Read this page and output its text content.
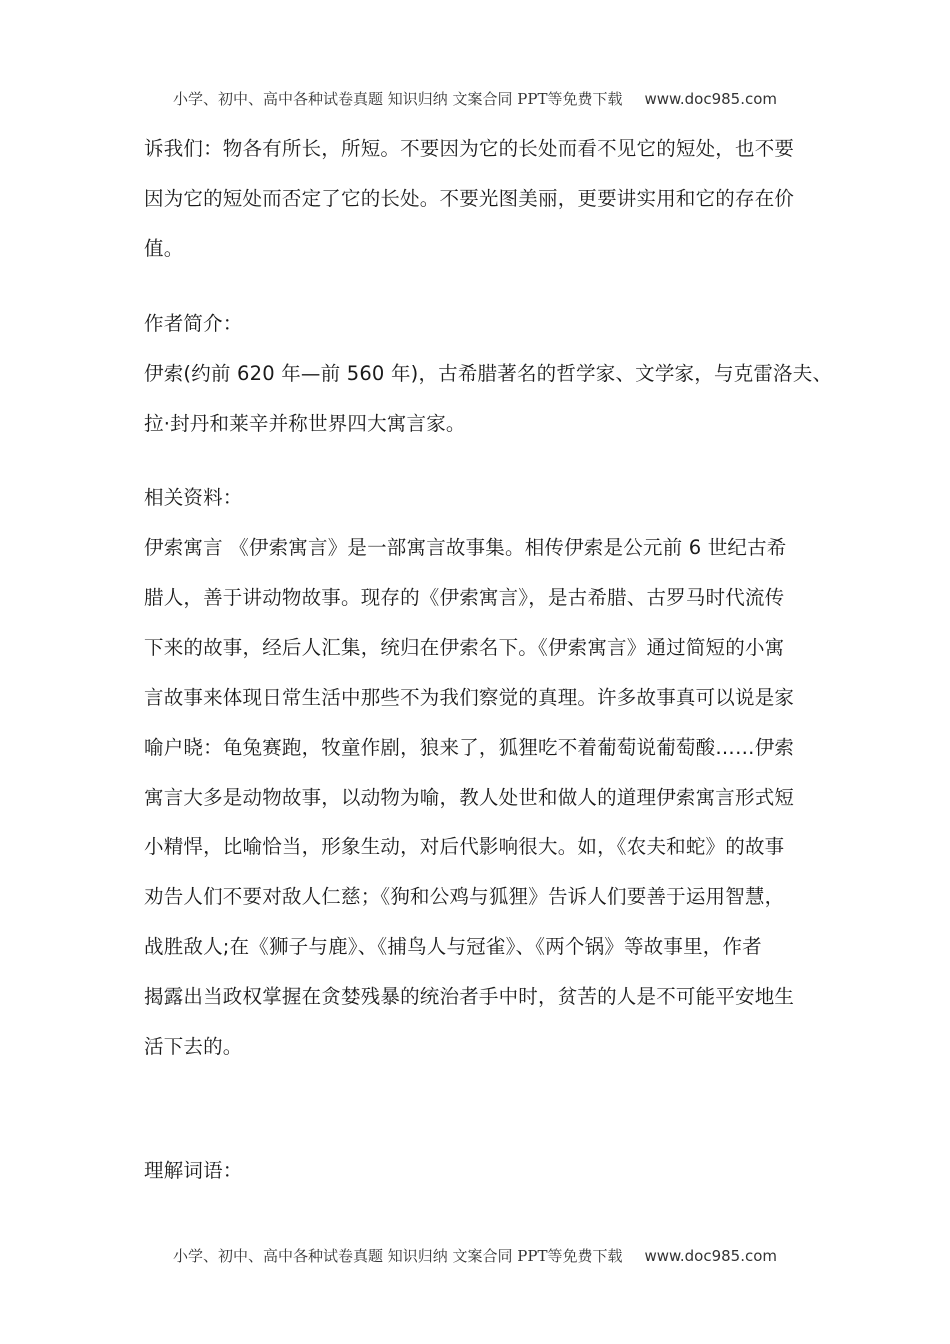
小学、初中、高中各种试卷真题 知识归纳 文案合同 PPT等免费下载 www.doc985.com
诉我们：物各有所长，所短。不要因为它的长处而看不见它的短处，也不要
因为它的短处而否定了它的长处。不要光图美丽，更要讲实用和它的存在价
值。
作者简介：
伊索(约前 620 年—前 560 年)，古希腊著名的哲学家、文学家，与克雷洛夫、
拉·封丹和莱辛并称世界四大寓言家。
相关资料：
伊索寓言 《伊索寓言》是一部寓言故事集。相传伊索是公元前 6 世纪古希
腊人，善于讲动物故事。现存的《伊索寓言》，是古希腊、古罗马时代流传
下来的故事，经后人汇集，统归在伊索名下。《伊索寓言》通过简短的小寓
言故事来体现日常生活中那些不为我们察觉的真理。许多故事真可以说是家
喻户晓：龟兔赛跑，牧童作剧，狼来了，狐狸吃不着葡萄说葡萄酸……伊索
寓言大多是动物故事，以动物为喻，教人处世和做人的道理伊索寓言形式短
小精悍，比喻恰当，形象生动，对后代影响很大。如，《农夫和蛇》的故事
劝告人们不要对敌人仁慈；《狗和公鸡与狐狸》告诉人们要善于运用智慧，
战胜敌人;在《狮子与鹿》、《捕鸟人与冠雀》、《两个锅》等故事里，作者
揭露出当政权掌握在贪婪残暴的统治者手中时，贫苦的人是不可能平安地生
活下去的。
理解词语：
小学、初中、高中各种试卷真题 知识归纳 文案合同 PPT等免费下载 www.doc985.com
